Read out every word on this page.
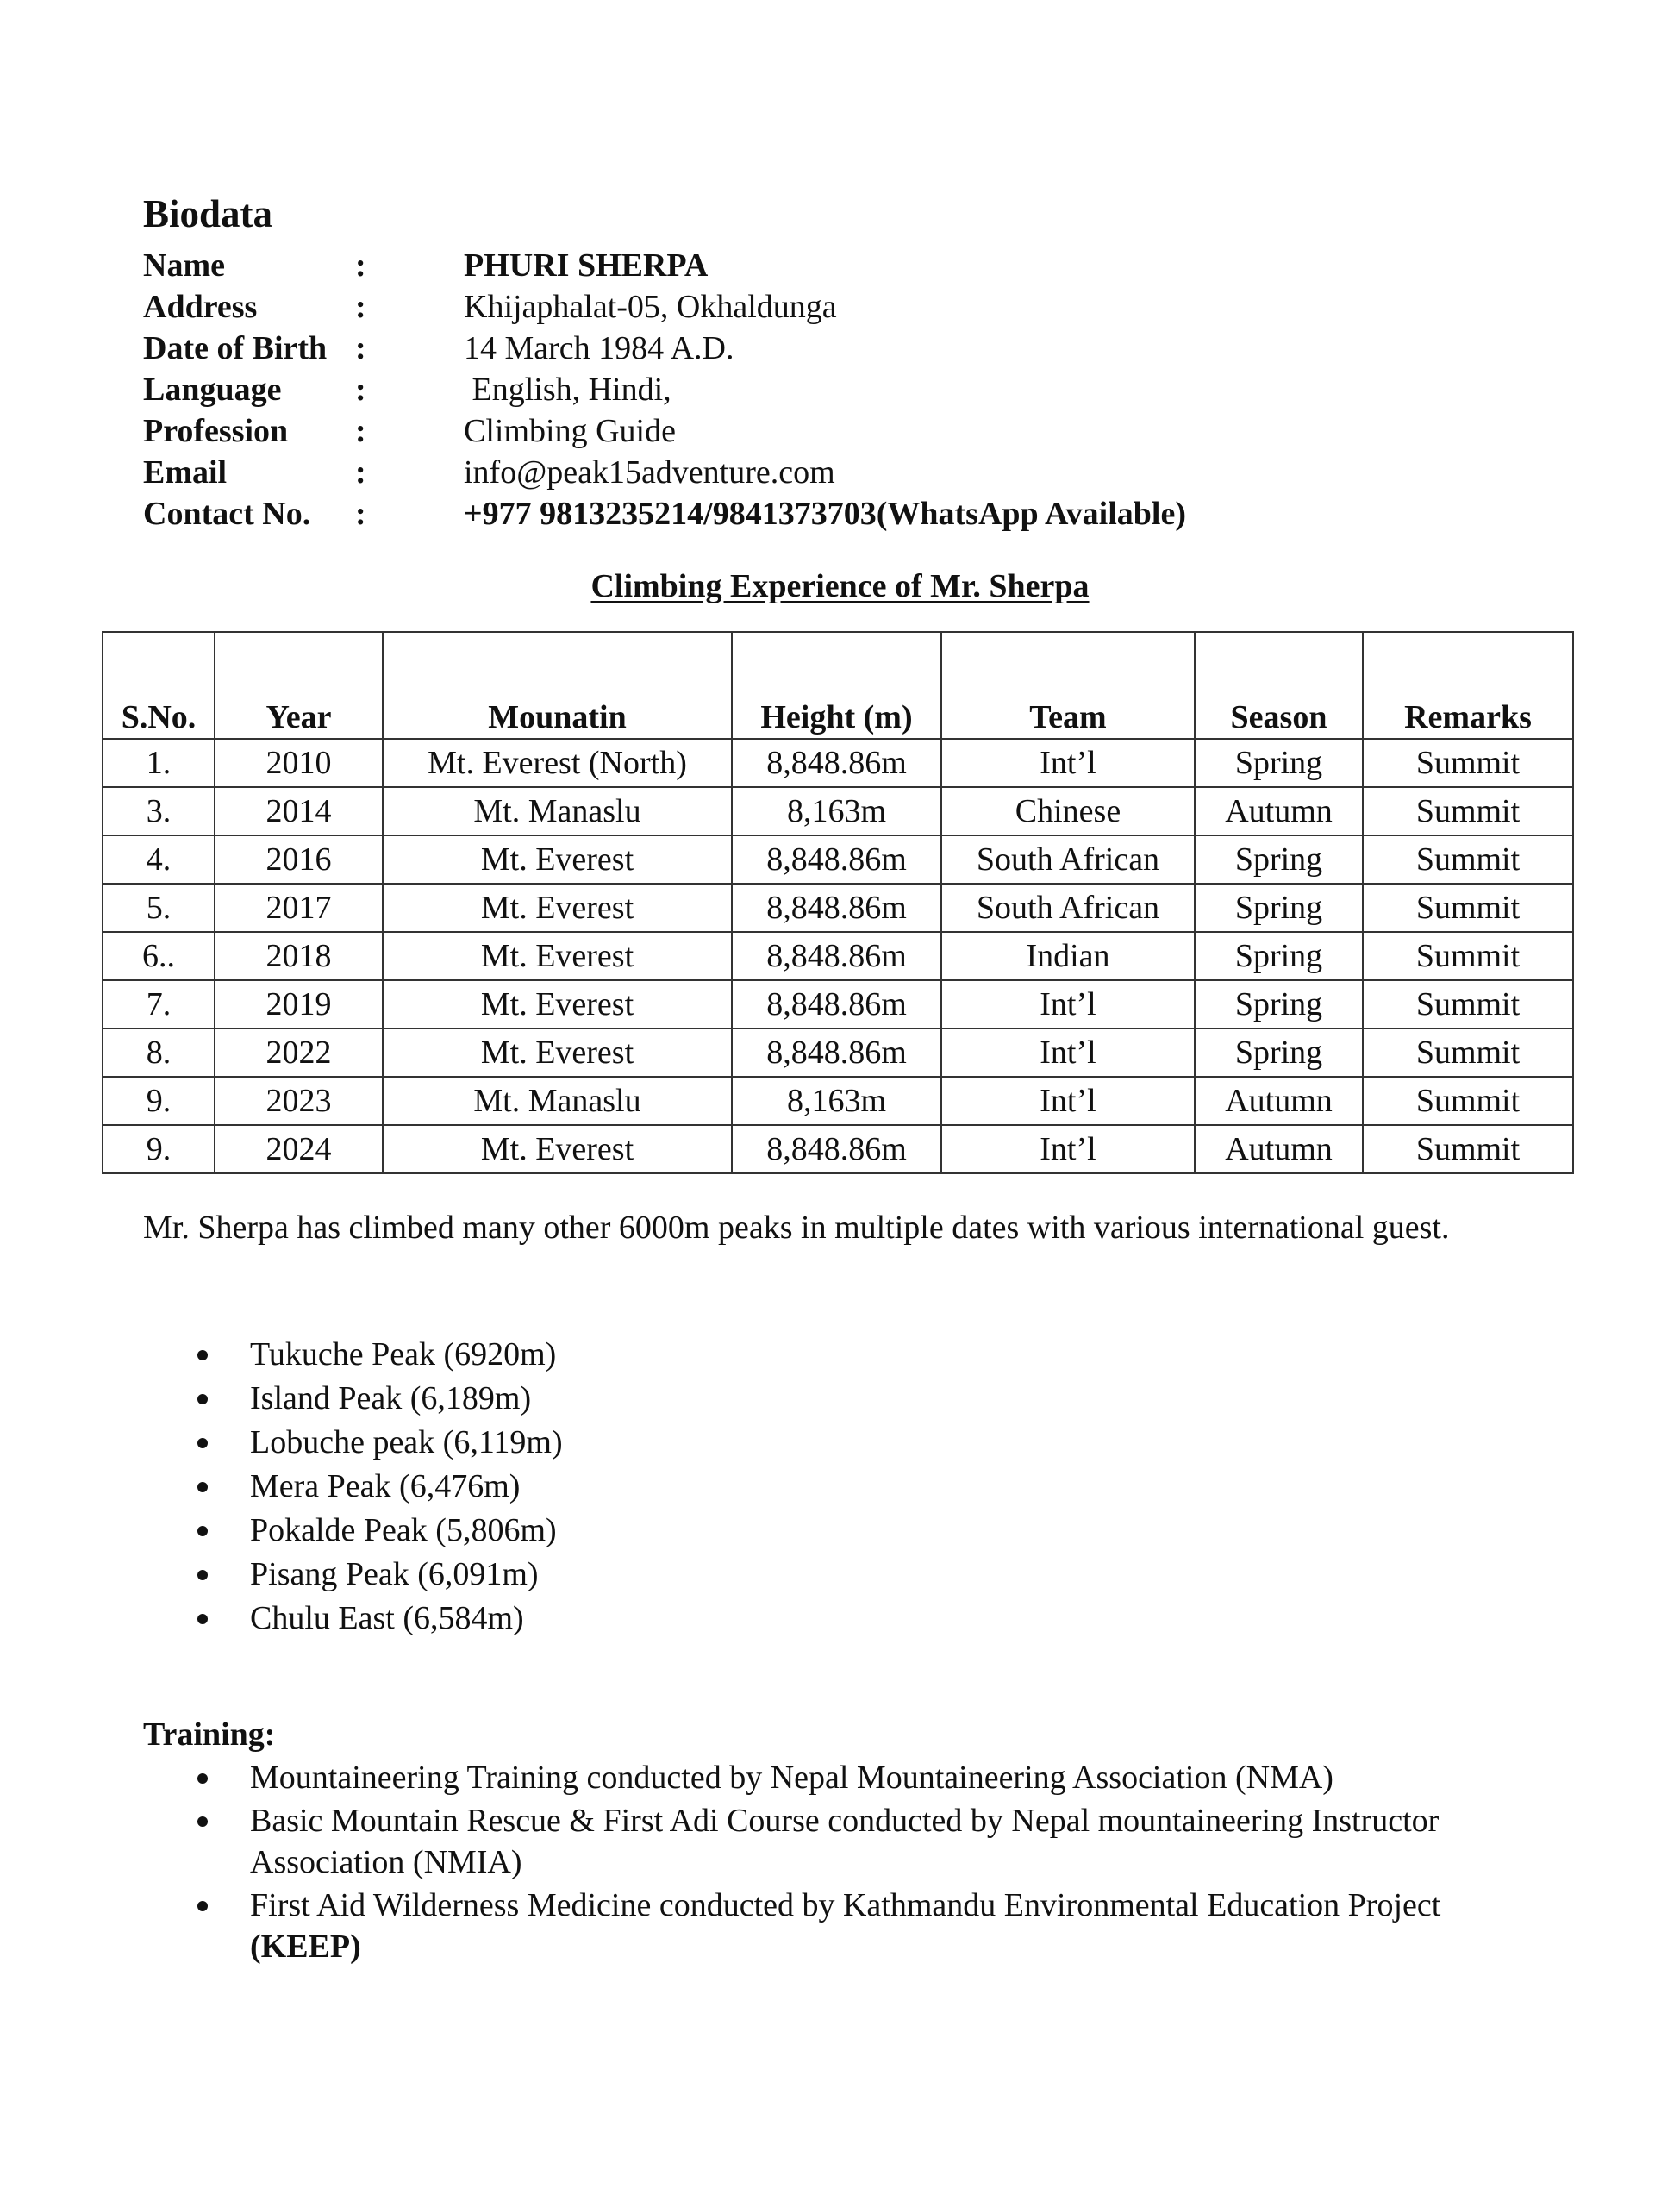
Biodata
Name	:	PHURI SHERPA
Address	:	Khijaphalat-05, Okhaldunga
Date of Birth :	14 March 1984 A.D.
Language :	English, Hindi,
Profession :	Climbing Guide
Email	:	info@peak15adventure.com
Contact No. :	+977 9813235214/9841373703(WhatsApp Available)
Climbing Experience of Mr. Sherpa
S.No.	Year	Mounatin	Height (m)	Team	Season	Remarks
1.	2010	Mt. Everest (North)	8,848.86m	Int’l	Spring	Summit
3.	2014	Mt. Manaslu	8,163m	Chinese	Autumn	Summit
4.	2016	Mt. Everest	8,848.86m	South African	Spring	Summit
5.	2017	Mt. Everest	8,848.86m	South African	Spring	Summit
6..	2018	Mt. Everest	8,848.86m	Indian	Spring	Summit
7.	2019	Mt. Everest	8,848.86m	Int’l	Spring	Summit
8.	2022	Mt. Everest	8,848.86m	Int’l	Spring	Summit
9.	2023	Mt. Manaslu	8,163m	Int’l	Autumn	Summit
9.	2024	Mt. Everest	8,848.86m	Int’l	Autumn	Summit

Mr. Sherpa has climbed many other 6000m peaks in multiple dates with various international guest.

Tukuche Peak (6920m)
Island Peak (6,189m)
Lobuche peak (6,119m)
Mera Peak (6,476m)
Pokalde Peak (5,806m)
Pisang Peak (6,091m)
Chulu East (6,584m)
Training:
Mountaineering Training conducted by Nepal Mountaineering Association (NMA)
Basic Mountain Rescue & First Adi Course conducted by Nepal mountaineering Instructor Association (NMIA)
First Aid Wilderness Medicine conducted by Kathmandu Environmental Education Project (KEEP)
